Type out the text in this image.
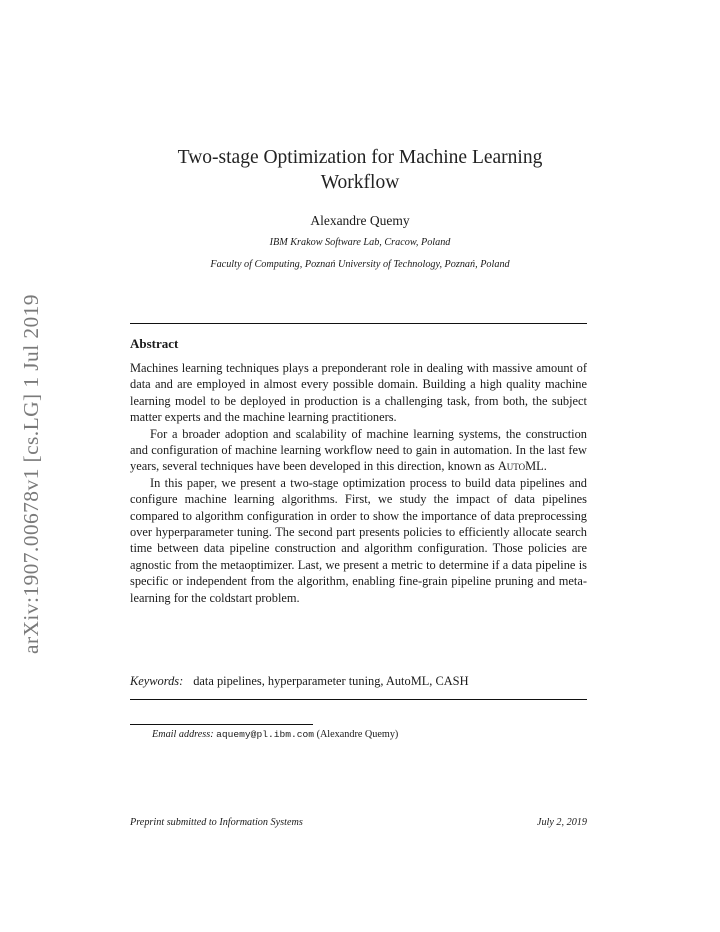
arXiv:1907.00678v1 [cs.LG] 1 Jul 2019
Two-stage Optimization for Machine Learning Workflow
Alexandre Quemy
IBM Krakow Software Lab, Cracow, Poland
Faculty of Computing, Poznań University of Technology, Poznań, Poland
Abstract

Machines learning techniques plays a preponderant role in dealing with massive amount of data and are employed in almost every possible domain. Building a high quality machine learning model to be deployed in production is a challenging task, from both, the subject matter experts and the machine learning practitioners.

For a broader adoption and scalability of machine learning systems, the construction and configuration of machine learning workflow need to gain in automation. In the last few years, several techniques have been developed in this direction, known as AutoML.

In this paper, we present a two-stage optimization process to build data pipelines and configure machine learning algorithms. First, we study the impact of data pipelines compared to algorithm configuration in order to show the importance of data preprocessing over hyperparameter tuning. The second part presents policies to efficiently allocate search time between data pipeline construction and algorithm configuration. Those policies are agnostic from the metaoptimizer. Last, we present a metric to determine if a data pipeline is specific or independent from the algorithm, enabling fine-grain pipeline pruning and meta-learning for the coldstart problem.

Keywords: data pipelines, hyperparameter tuning, AutoML, CASH
Email address: aquemy@pl.ibm.com (Alexandre Quemy)
Preprint submitted to Information Systems	July 2, 2019
